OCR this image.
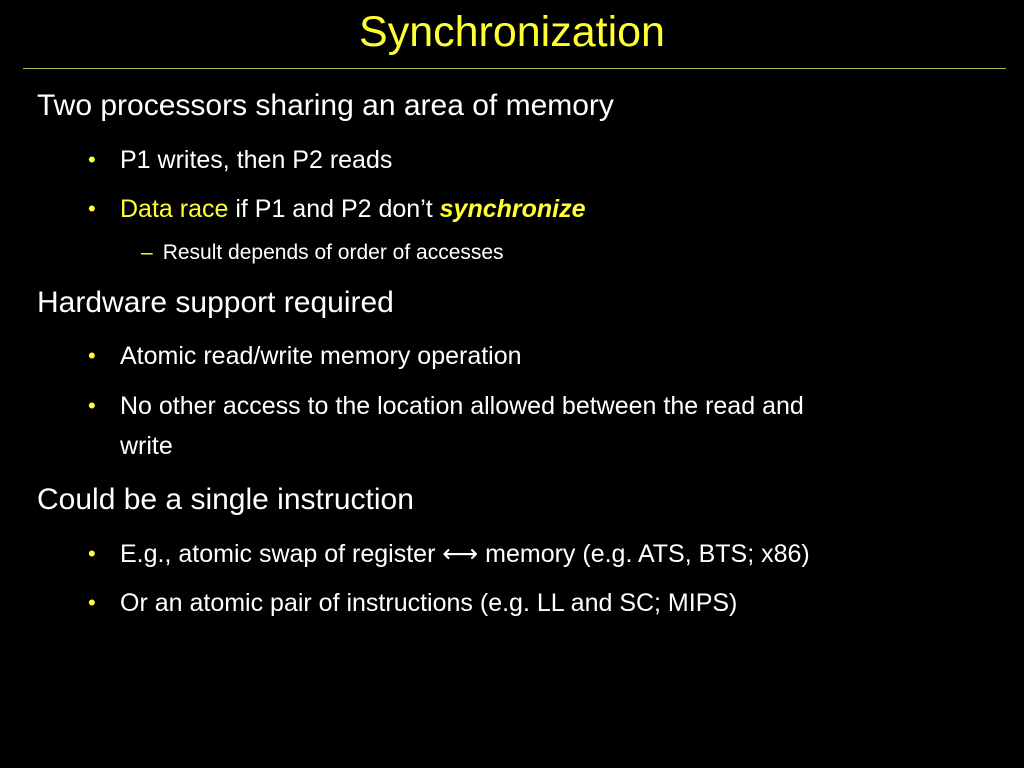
Synchronization
Two processors sharing an area of memory
• P1 writes, then P2 reads
• Data race if P1 and P2 don’t synchronize
– Result depends of order of accesses
Hardware support required
• Atomic read/write memory operation
• No other access to the location allowed between the read and
write
Could be a single instruction
• E.g., atomic swap of register ⟷ memory (e.g. ATS, BTS; x86)
• Or an atomic pair of instructions (e.g. LL and SC; MIPS)
